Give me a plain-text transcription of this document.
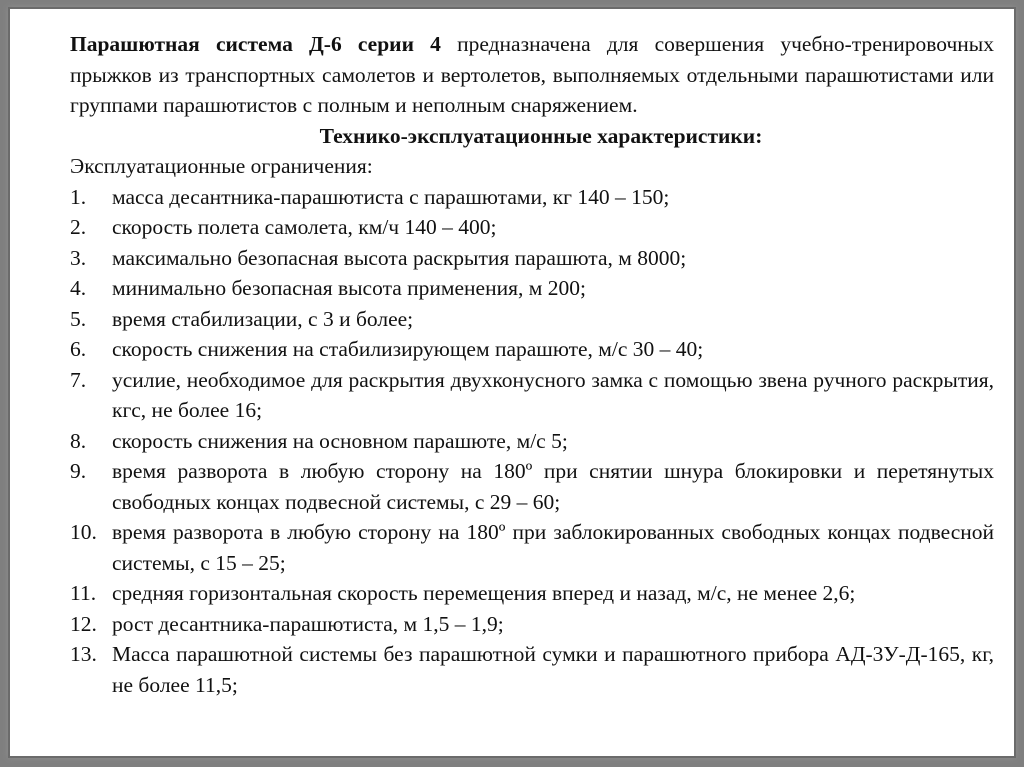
Парашютная система Д-6 серии 4 предназначена для совершения учебно-тренировочных прыжков из транспортных самолетов и вертолетов, выполняемых отдельными парашютистами или группами парашютистов с полным и неполным снаряжением.

Технико-эксплуатационные характеристики:

Эксплуатационные ограничения:

1. масса десантника-парашютиста с парашютами, кг 140 – 150;
2. скорость полета самолета, км/ч 140 – 400;
3. максимально безопасная высота раскрытия парашюта, м 8000;
4. минимально безопасная высота применения, м 200;
5. время стабилизации, с 3 и более;
6. скорость снижения на стабилизирующем парашюте, м/с 30 – 40;
7. усилие, необходимое для раскрытия двухконусного замка с помощью звена ручного раскрытия, кгс, не более 16;
8. скорость снижения на основном парашюте, м/с 5;
9. время разворота в любую сторону на 180º при снятии шнура блокировки и перетянутых свободных концах подвесной системы, с 29 – 60;
10. время разворота в любую сторону на 180º при заблокированных свободных концах подвесной системы, с 15 – 25;
11. средняя горизонтальная скорость перемещения вперед и назад, м/с, не менее 2,6;
12. рост десантника-парашютиста, м 1,5 – 1,9;
13. Масса парашютной системы без парашютной сумки и парашютного прибора АД-3У-Д-165, кг, не более 11,5;
